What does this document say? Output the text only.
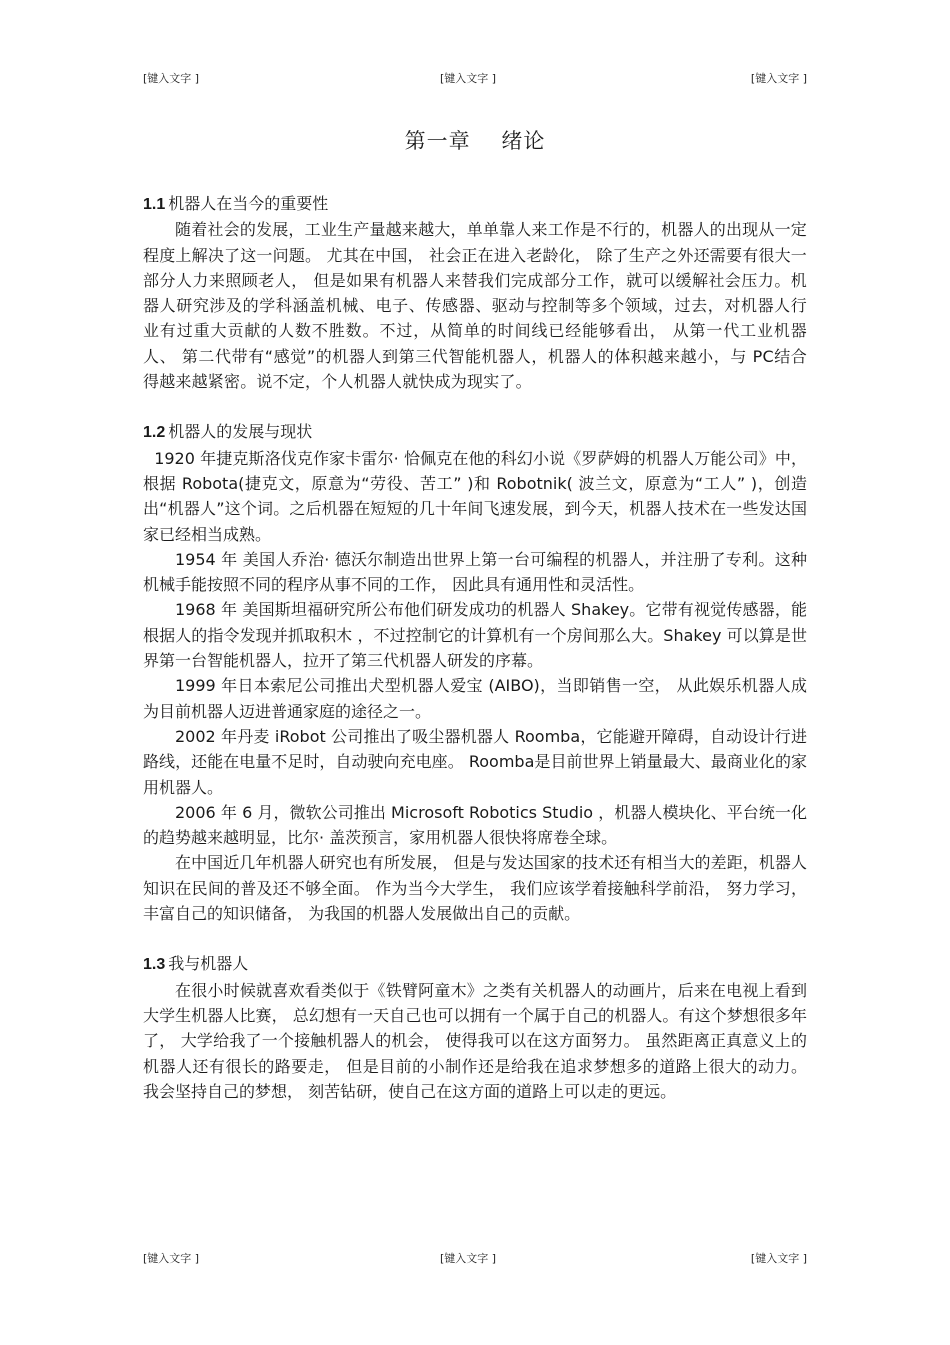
[键入文字 ]	[键入文字 ]	[键入文字 ]
第一章    绪论

1.1 机器人在当今的重要性

随着社会的发展，工业生产量越来越大，单单靠人来工作是不行的，机器人的出现从一定程度上解决了这一问题。 尤其在中国， 社会正在进入老龄化， 除了生产之外还需要有很大一部分人力来照顾老人， 但是如果有机器人来替我们完成部分工作，就可以缓解社会压力。机器人研究涉及的学科涵盖机械、电子、传感器、驱动与控制等多个领域，过去，对机器人行业有过重大贡献的人数不胜数。不过，从简单的时间线已经能够看出， 从第一代工业机器人、 第二代带有“感觉”的机器人到第三代智能机器人，机器人的体积越来越小，与 PC结合得越来越紧密。说不定，个人机器人就快成为现实了。

1.2 机器人的发展与现状

1920 年捷克斯洛伐克作家卡雷尔· 恰佩克在他的科幻小说《罗萨姆的机器人万能公司》中，根据 Robota(捷克文，原意为“劳役、苦工” )和 Robotnik( 波兰文，原意为“工人” )，创造出“机器人”这个词。之后机器在短短的几十年间飞速发展，到今天，机器人技术在一些发达国家已经相当成熟。

1954 年 美国人乔治· 德沃尔制造出世界上第一台可编程的机器人，并注册了专利。这种机械手能按照不同的程序从事不同的工作， 因此具有通用性和灵活性。

1968 年 美国斯坦福研究所公布他们研发成功的机器人 Shakey。它带有视觉传感器，能根据人的指令发现并抓取积木 ，不过控制它的计算机有一个房间那么大。Shakey 可以算是世界第一台智能机器人，拉开了第三代机器人研发的序幕。

1999 年日本索尼公司推出犬型机器人爱宝 (AIBO)，当即销售一空， 从此娱乐机器人成为目前机器人迈进普通家庭的途径之一。

2002 年丹麦 iRobot 公司推出了吸尘器机器人 Roomba，它能避开障碍，自动设计行进路线，还能在电量不足时，自动驶向充电座。 Roomba是目前世界上销量最大、最商业化的家用机器人。

2006 年 6 月，微软公司推出 Microsoft Robotics Studio ，机器人模块化、平台统一化的趋势越来越明显，比尔· 盖茨预言，家用机器人很快将席卷全球。

在中国近几年机器人研究也有所发展， 但是与发达国家的技术还有相当大的差距，机器人知识在民间的普及还不够全面。 作为当今大学生， 我们应该学着接触科学前沿， 努力学习， 丰富自己的知识储备， 为我国的机器人发展做出自己的贡献。

1.3 我与机器人

在很小时候就喜欢看类似于《铁臂阿童木》之类有关机器人的动画片，后来在电视上看到大学生机器人比赛， 总幻想有一天自己也可以拥有一个属于自己的机器人。有这个梦想很多年了， 大学给我了一个接触机器人的机会， 使得我可以在这方面努力。 虽然距离正真意义上的机器人还有很长的路要走， 但是目前的小制作还是给我在追求梦想多的道路上很大的动力。 我会坚持自己的梦想， 刻苦钻研，使自己在这方面的道路上可以走的更远。

[键入文字 ]	[键入文字 ]	[键入文字 ]
